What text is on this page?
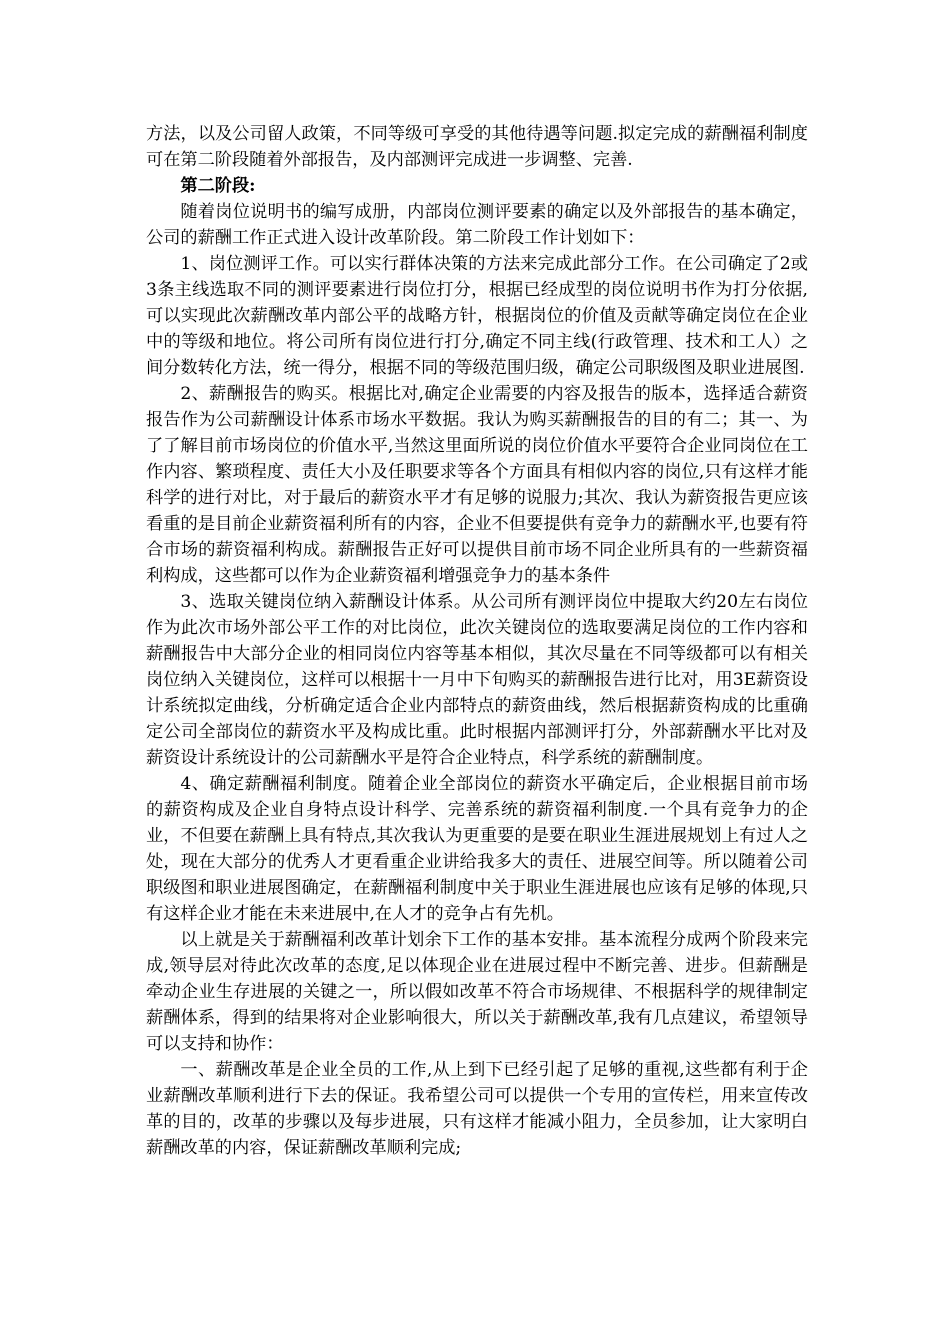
方法，以及公司留人政策，不同等级可享受的其他待遇等问题.拟定完成的薪酬福利制度可在第二阶段随着外部报告，及内部测评完成进一步调整、完善.

第二阶段:

随着岗位说明书的编写成册，内部岗位测评要素的确定以及外部报告的基本确定，公司的薪酬工作正式进入设计改革阶段。第二阶段工作计划如下：

1、岗位测评工作。可以实行群体决策的方法来完成此部分工作。在公司确定了2或3条主线选取不同的测评要素进行岗位打分，根据已经成型的岗位说明书作为打分依据,可以实现此次薪酬改革内部公平的战略方针，根据岗位的价值及贡献等确定岗位在企业中的等级和地位。将公司所有岗位进行打分,确定不同主线(行政管理、技术和工人）之间分数转化方法，统一得分，根据不同的等级范围归级，确定公司职级图及职业进展图.

2、薪酬报告的购买。根据比对,确定企业需要的内容及报告的版本，选择适合薪资报告作为公司薪酬设计体系市场水平数据。我认为购买薪酬报告的目的有二；其一、为了了解目前市场岗位的价值水平,当然这里面所说的岗位价值水平要符合企业同岗位在工作内容、繁琐程度、责任大小及任职要求等各个方面具有相似内容的岗位,只有这样才能科学的进行对比，对于最后的薪资水平才有足够的说服力;其次、我认为薪资报告更应该看重的是目前企业薪资福利所有的内容，企业不但要提供有竞争力的薪酬水平,也要有符合市场的薪资福利构成。薪酬报告正好可以提供目前市场不同企业所具有的一些薪资福利构成，这些都可以作为企业薪资福利增强竞争力的基本条件

3、选取关键岗位纳入薪酬设计体系。从公司所有测评岗位中提取大约20左右岗位作为此次市场外部公平工作的对比岗位，此次关键岗位的选取要满足岗位的工作内容和薪酬报告中大部分企业的相同岗位内容等基本相似，其次尽量在不同等级都可以有相关岗位纳入关键岗位，这样可以根据十一月中下旬购买的薪酬报告进行比对，用3E薪资设计系统拟定曲线，分析确定适合企业内部特点的薪资曲线，然后根据薪资构成的比重确定公司全部岗位的薪资水平及构成比重。此时根据内部测评打分，外部薪酬水平比对及薪资设计系统设计的公司薪酬水平是符合企业特点，科学系统的薪酬制度。

4、确定薪酬福利制度。随着企业全部岗位的薪资水平确定后，企业根据目前市场的薪资构成及企业自身特点设计科学、完善系统的薪资福利制度.一个具有竞争力的企业，不但要在薪酬上具有特点,其次我认为更重要的是要在职业生涯进展规划上有过人之处，现在大部分的优秀人才更看重企业讲给我多大的责任、进展空间等。所以随着公司职级图和职业进展图确定，在薪酬福利制度中关于职业生涯进展也应该有足够的体现,只有这样企业才能在未来进展中,在人才的竞争占有先机。

以上就是关于薪酬福利改革计划余下工作的基本安排。基本流程分成两个阶段来完成,领导层对待此次改革的态度,足以体现企业在进展过程中不断完善、进步。但薪酬是牵动企业生存进展的关键之一，所以假如改革不符合市场规律、不根据科学的规律制定薪酬体系，得到的结果将对企业影响很大，所以关于薪酬改革,我有几点建议，希望领导可以支持和协作：

一、薪酬改革是企业全员的工作,从上到下已经引起了足够的重视,这些都有利于企业薪酬改革顺利进行下去的保证。我希望公司可以提供一个专用的宣传栏，用来宣传改革的目的，改革的步骤以及每步进展，只有这样才能减小阻力，全员参加，让大家明白薪酬改革的内容，保证薪酬改革顺利完成;
